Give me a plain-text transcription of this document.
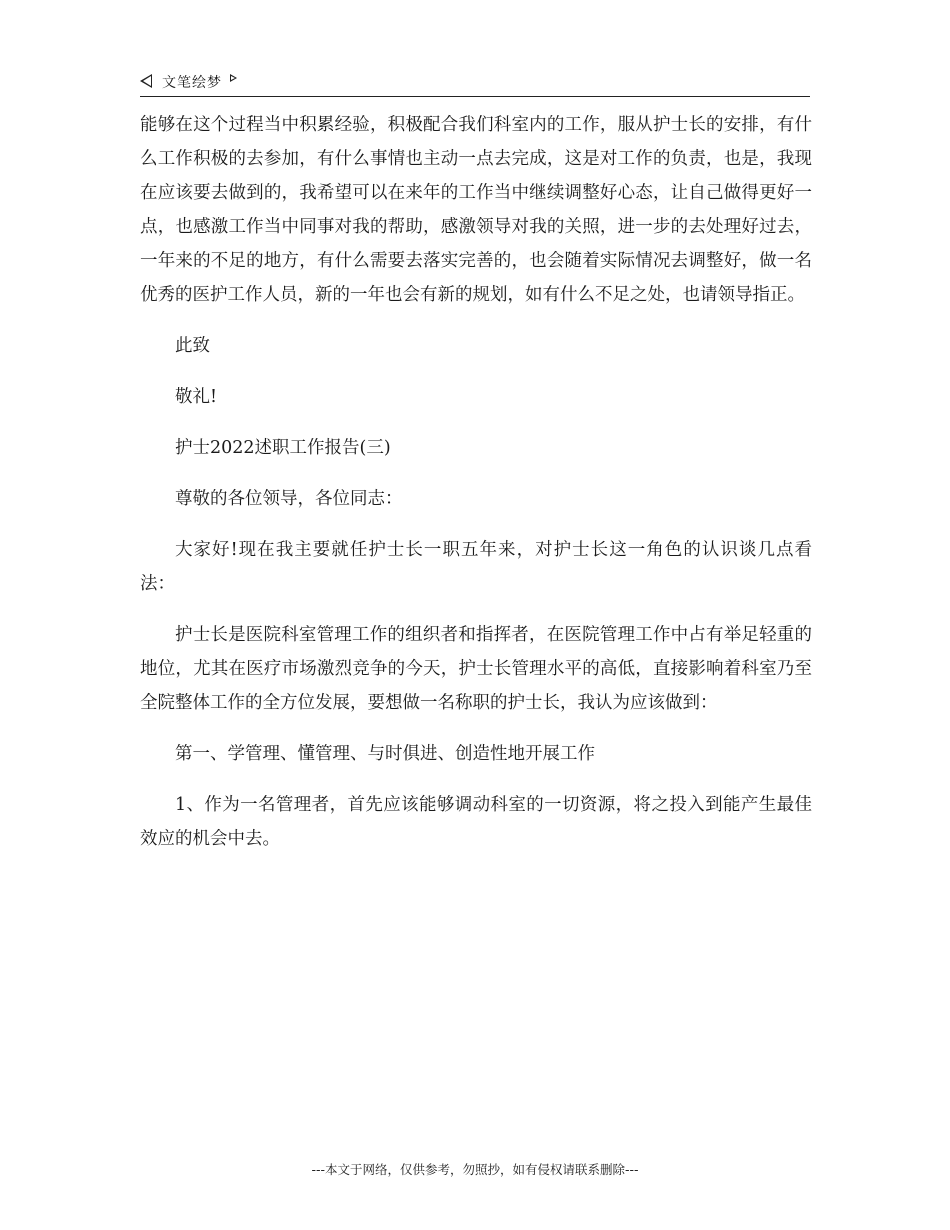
文笔绘梦

能够在这个过程当中积累经验，积极配合我们科室内的工作，服从护士长的安排，有什么工作积极的去参加，有什么事情也主动一点去完成，这是对工作的负责，也是，我现在应该要去做到的，我希望可以在来年的工作当中继续调整好心态，让自己做得更好一点，也感激工作当中同事对我的帮助，感激领导对我的关照，进一步的去处理好过去，一年来的不足的地方，有什么需要去落实完善的，也会随着实际情况去调整好，做一名优秀的医护工作人员，新的一年也会有新的规划，如有什么不足之处，也请领导指正。

此致

敬礼!

护士2022述职工作报告(三)

尊敬的各位领导，各位同志：

大家好!现在我主要就任护士长一职五年来，对护士长这一角色的认识谈几点看法：

护士长是医院科室管理工作的组织者和指挥者，在医院管理工作中占有举足轻重的地位，尤其在医疗市场激烈竞争的今天，护士长管理水平的高低，直接影响着科室乃至全院整体工作的全方位发展，要想做一名称职的护士长，我认为应该做到：

第一、学管理、懂管理、与时俱进、创造性地开展工作

1、作为一名管理者，首先应该能够调动科室的一切资源，将之投入到能产生最佳效应的机会中去。

---本文于网络，仅供参考，勿照抄，如有侵权请联系删除---
